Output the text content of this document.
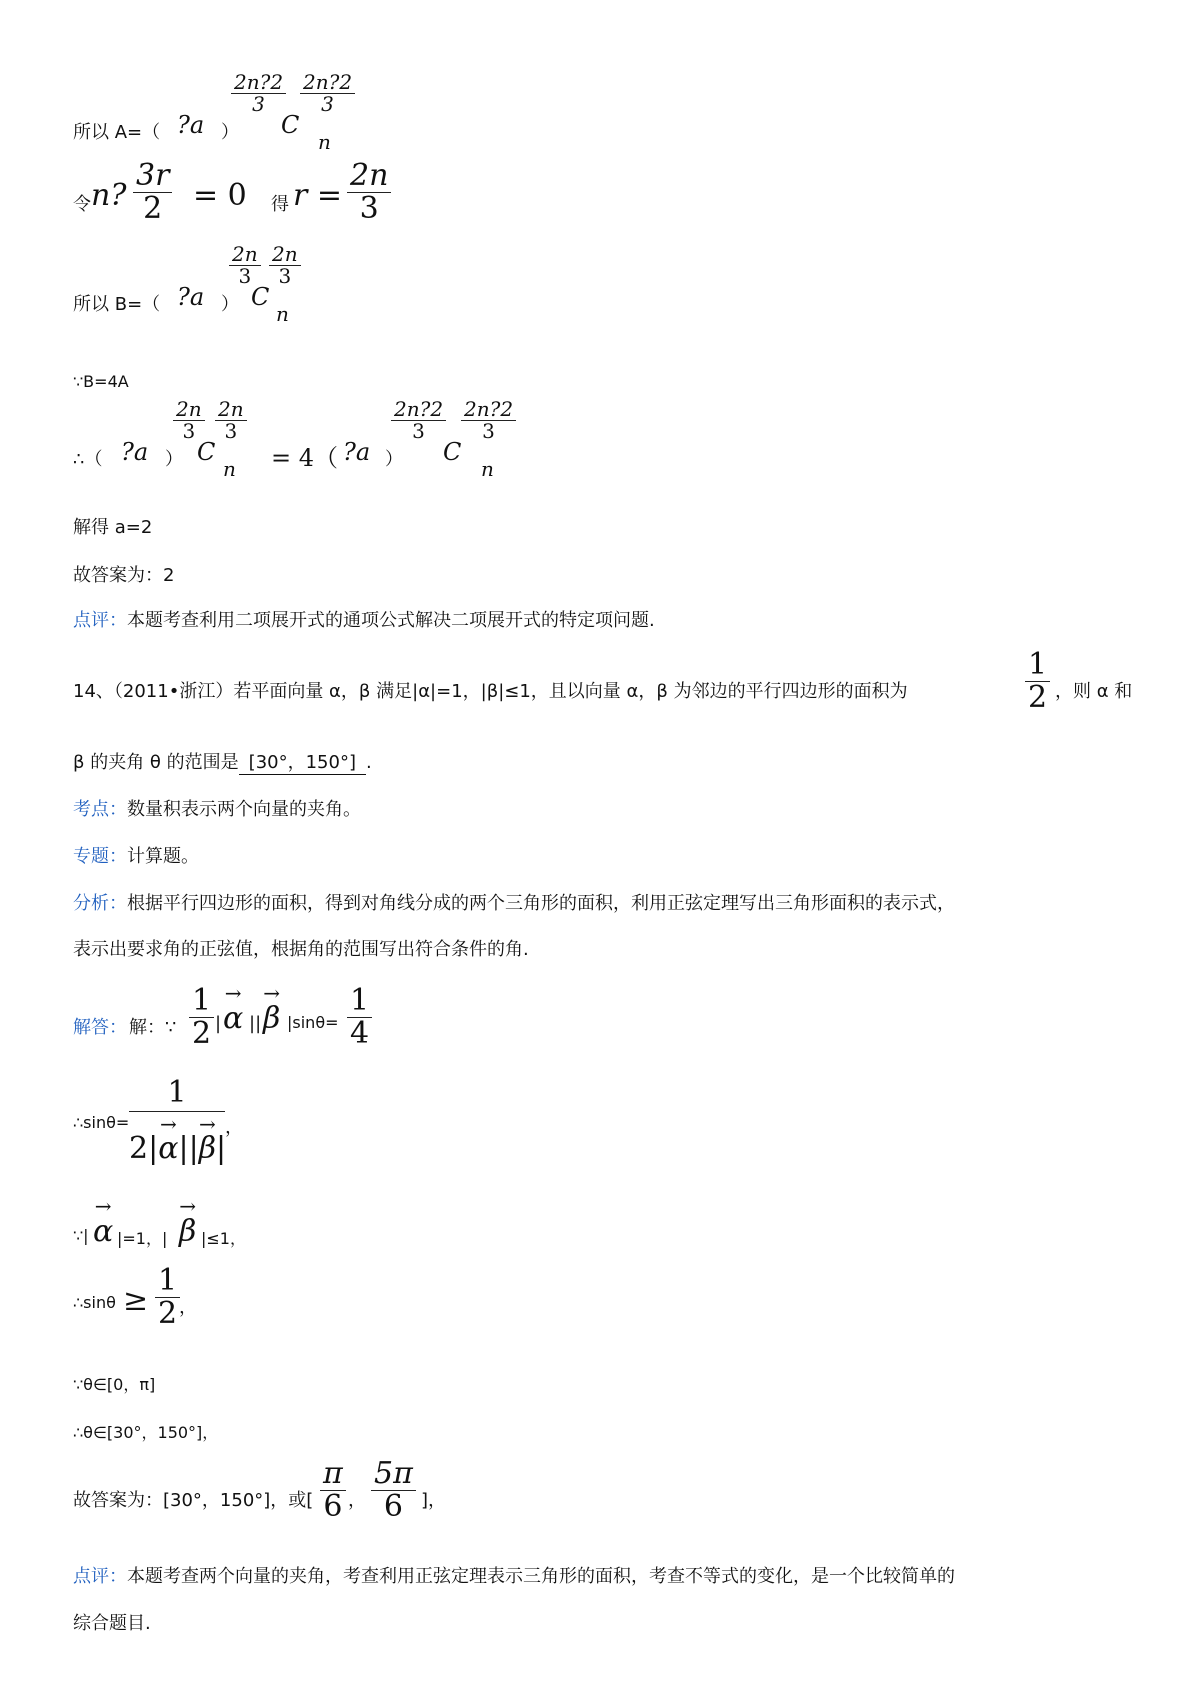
所以 A=（ ?a ）
$\frac{2n?2}{3}$
C
$\frac{2n?2}{3}$
n
令 n? $\frac{3r}{2} = 0$ 得 $r = \frac{2n}{3}$
所以 B=（ ?a ）
$\frac{2n}{3}$
C
$\frac{2n}{3}$
n
∵B=4A
∴（ ?a ）
$\frac{2n}{3}$
C
$\frac{2n}{3}$
n = 4（ ?a ）
$\frac{2n?2}{3}$
C
$\frac{2n?2}{3}$
n
解得 a=2
故答案为：2
点评：本题考查利用二项展开式的通项公式解决二项展开式的特定项问题.
14、（2011•浙江）若平面向量 α，β 满足|α|=1，|β|≤1，且以向量 α，β 为邻边的平行四边形的面积为	$\frac{1}{2}$ ，则 α 和
β 的夹角 θ 的范围是 [30°，150°] .
考点：数量积表示两个向量的夹角。
专题：计算题。
分析：根据平行四边形的面积，得到对角线分成的两个三角形的面积，利用正弦定理写出三角形面积的表示式，
表示出要求角的正弦值，根据角的范围写出符合条件的角.
解答： 解：∵ $\frac{1}{2}$ |
→
α ||
→
β $|\sin\theta= \frac{1}{4}$
∴sinθ= 1
2|
→
α ||
→
β | ，
∵|
→
α |=1，|
→
β |≤1，
∴sinθ ≥ $\frac{1}{2}$
，
∵θ∈[0，π]
∴θ∈[30°，150°]，
故答案为：[30°，150°]，或[ $\frac{\pi}{6}$ ， $\frac{5\pi}{6}$ ]，
点评：本题考查两个向量的夹角，考查利用正弦定理表示三角形的面积，考查不等式的变化，是一个比较简单的
综合题目.
